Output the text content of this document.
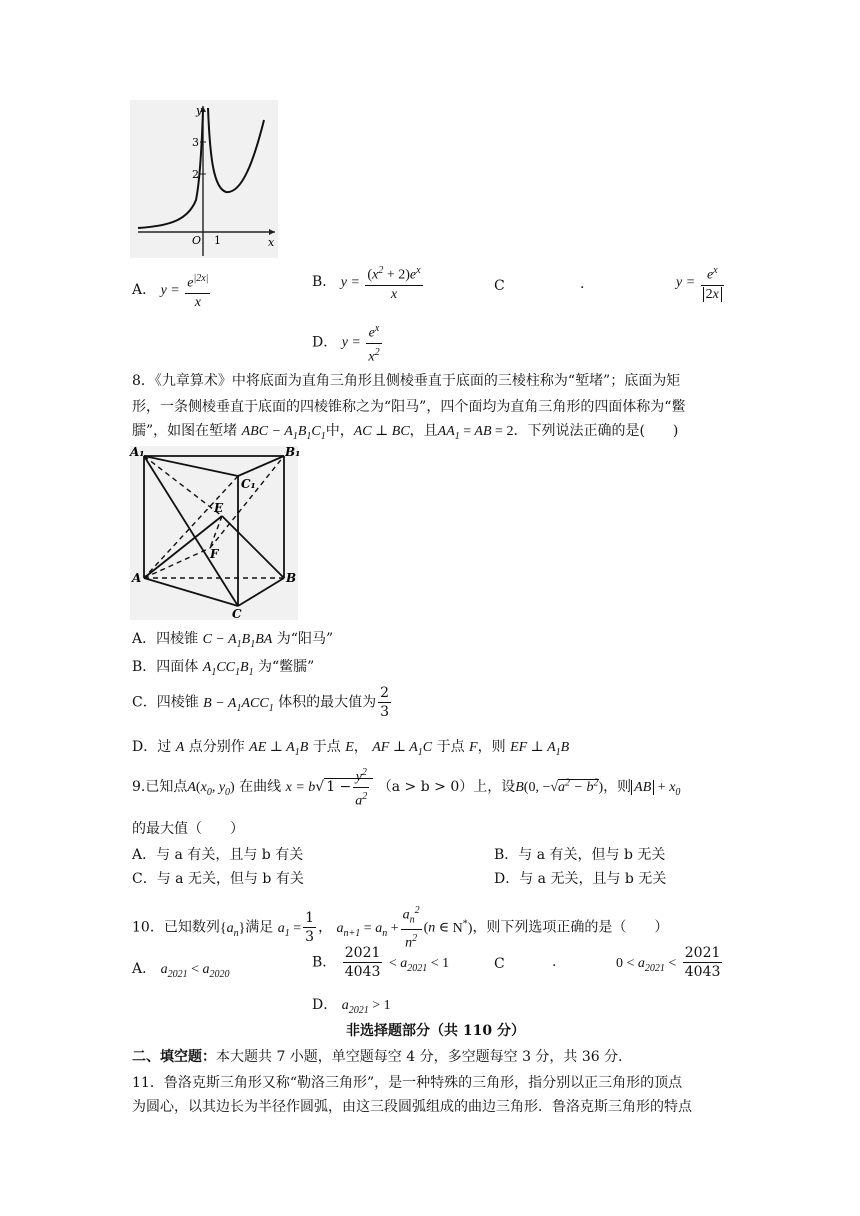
y
3
2
O 1	x
A． $y = \frac{e^{|2x|}}{x}$	B． $y = \frac{(x^2 + 2)e^x}{x}$	C	.	$y = \frac{e^x}{2x}$
D． $y = \frac{e^x}{x^2}$
8．《九章算术》中将底面为直角三角形且侧棱垂直于底面的三棱柱称为“堑堵”；底面为矩
形，一条侧棱垂直于底面的四棱锥称之为“阳马”，四个面均为直角三角形的四面体称为“鳖
臑”，如图在堑堵 ABC − $A_1B_1C_1$中，AC ⊥ BC，且$AA_1$ = AB = 2．下列说法正确的是(　　)
A₁	B₁
C₁
E
F
A	B
C
A．四棱锥 $C - A_1B_1BA$ 为“阳马”
B．四面体 $A_1CC_1B_1$ 为“鳖臑”
C．四棱锥 $B - A_1ACC_1$ 体积的最大值为 $\frac{2}{3}$
D．过 A 点分别作 AE ⊥ $A_1B$ 于点 E， AF ⊥ $A_1C$ 于点 F，则 EF ⊥ $A_1B$
9.已知点$A(x_0$, $y_0$) 在曲线 x = b√ $1 - \frac{y^2}{a^2} (a > b > 0)$上，设B(0, $-√a^2 - b^2$)，则 AB + $x_0$
的最大值（　　）
A．与 a 有关，且与 b 有关	B．与 a 有关，但与 b 无关
C．与 a 无关，但与 b 有关	D．与 a 无关，且与 b 无关
10．已知数列$\{a_n\}$满足 $a_1 = \frac{1}{3}$ ， $a_{n+1} = a_n + \frac{a_n^2}{n^2} (n$ ∈ N*)，则下列选项正确的是（　　）
A． $a_{2021} < a_{2020}$
B． $\frac{2021}{4043} < a_{2021} < 1$	C	.	$0 < a_{2021} < \frac{2021}{4043}$
D． $a_{2021} > 1$
非选择题部分（共 110 分）
二、填空题：本大题共 7 小题，单空题每空 4 分，多空题每空 3 分，共 36 分．
11．鲁洛克斯三角形又称“勒洛三角形”，是一种特殊的三角形，指分别以正三角形的顶点
为圆心，以其边长为半径作圆弧，由这三段圆弧组成的曲边三角形．鲁洛克斯三角形的特点
